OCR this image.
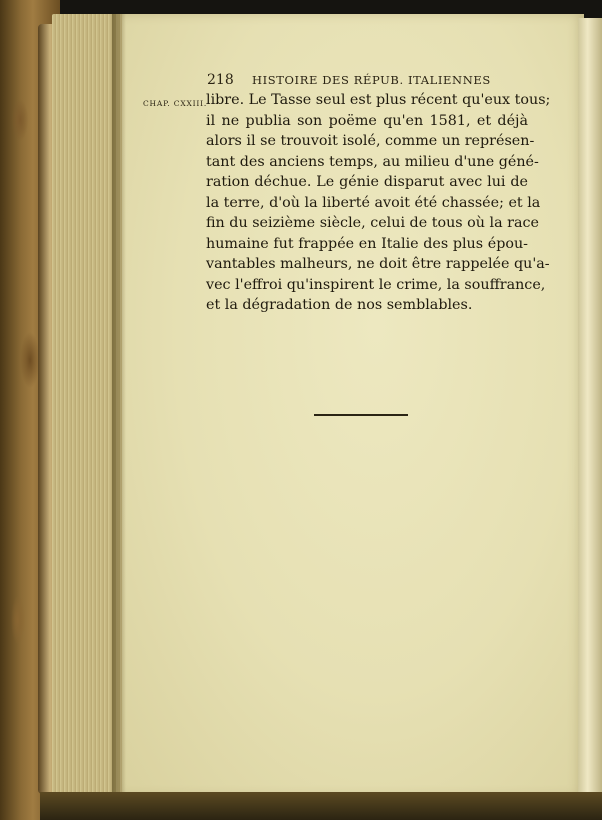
218 HISTOIRE DES RÉPUB. ITALIENNES
CHAP. CXXIII.
libre. Le Tasse seul est plus récent qu'eux tous;
il ne publia son poëme qu'en 1581, et déjà
alors il se trouvoit isolé, comme un représen-
tant des anciens temps, au milieu d'une géné-
ration déchue. Le génie disparut avec lui de
la terre, d'où la liberté avoit été chassée; et la
fin du seizième siècle, celui de tous où la race
humaine fut frappée en Italie des plus épou-
vantables malheurs, ne doit être rappelée qu'a-
vec l'effroi qu'inspirent le crime, la souffrance,
et la dégradation de nos semblables.
